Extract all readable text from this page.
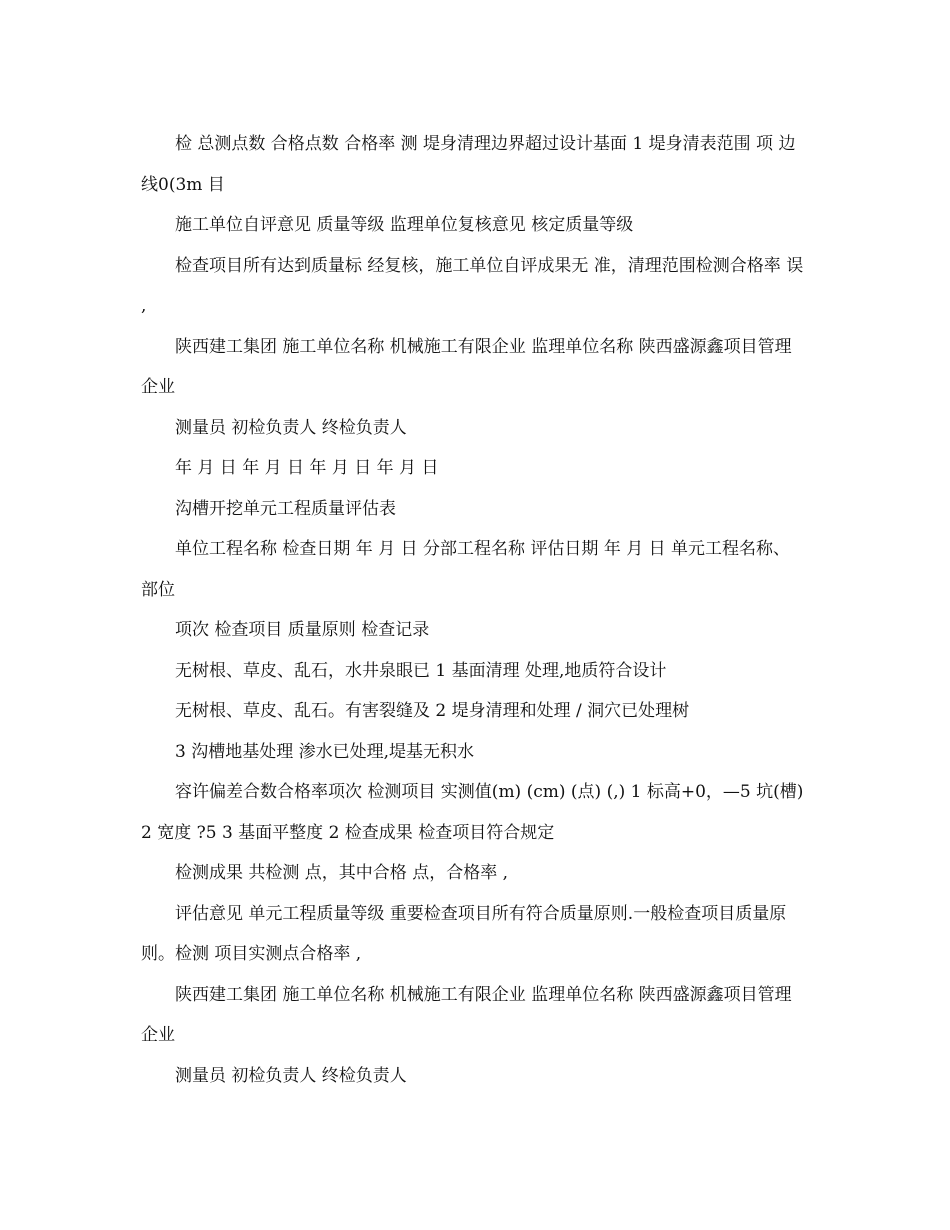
检 总测点数 合格点数 合格率 测 堤身清理边界超过设计基面 1 堤身清表范围 项 边线0(3m 目

施工单位自评意见 质量等级 监理单位复核意见 核定质量等级

检查项目所有达到质量标 经复核，施工单位自评成果无 准，清理范围检测合格率 误 ,

陕西建工集团 施工单位名称 机械施工有限企业 监理单位名称 陕西盛源鑫项目管理企业

测量员 初检负责人 终检负责人

年 月 日 年 月 日 年 月 日 年 月 日

沟槽开挖单元工程质量评估表

单位工程名称 检查日期 年 月 日 分部工程名称 评估日期 年 月 日 单元工程名称、部位

项次 检查项目 质量原则 检查记录

无树根、草皮、乱石，水井泉眼已 1 基面清理 处理,地质符合设计

无树根、草皮、乱石。有害裂缝及 2 堤身清理和处理 / 洞穴已处理树

3 沟槽地基处理 渗水已处理,堤基无积水

容许偏差合数合格率项次 检测项目 实测值(m) (cm) (点) (,) 1 标高+0，—5 坑(槽) 2 宽度 ?5 3 基面平整度 2 检查成果 检查项目符合规定

检测成果 共检测 点，其中合格 点，合格率 ,

评估意见 单元工程质量等级 重要检查项目所有符合质量原则.一般检查项目质量原则。检测 项目实测点合格率 ,

陕西建工集团 施工单位名称 机械施工有限企业 监理单位名称 陕西盛源鑫项目管理企业

测量员 初检负责人 终检负责人
